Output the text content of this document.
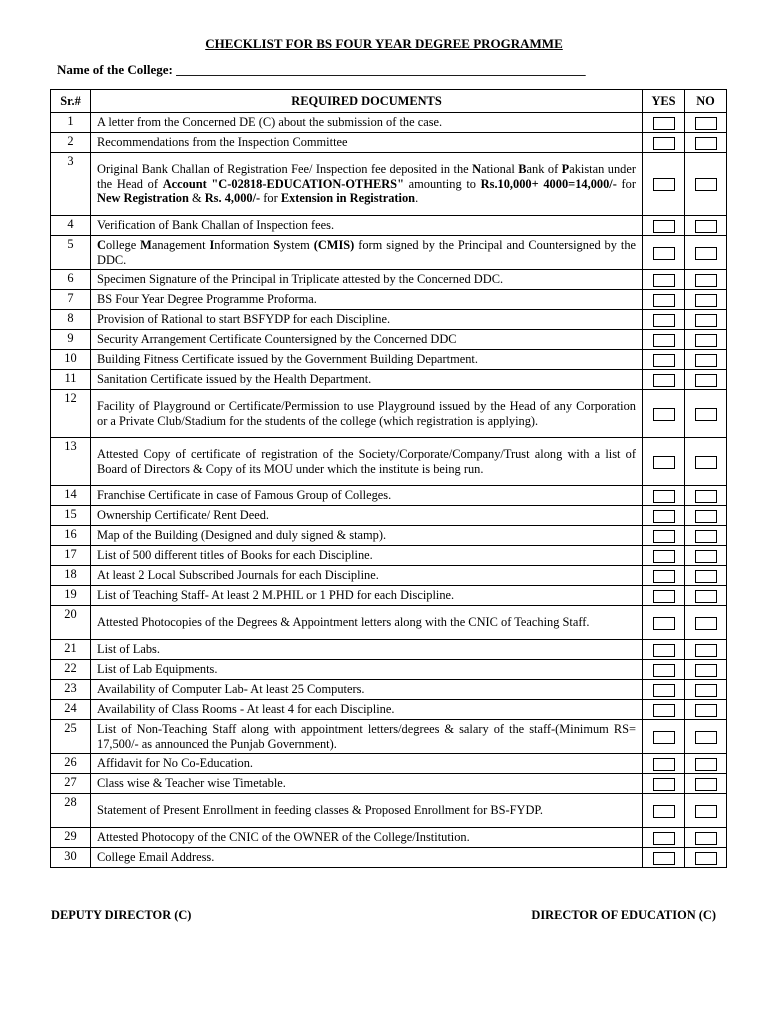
CHECKLIST FOR BS FOUR YEAR DEGREE PROGRAMME
Name of the College: _______________________________________________________________
Sr.#	REQUIRED DOCUMENTS	YES	NO
1	A letter from the Concerned DE (C) about the submission of the case.		
2	Recommendations from the Inspection Committee		
3	Original Bank Challan of Registration Fee/ Inspection fee deposited in the National Bank of Pakistan under the Head of Account "C-02818-EDUCATION-OTHERS" amounting to Rs.10,000+ 4000=14,000/- for New Registration & Rs. 4,000/- for Extension in Registration.		
4	Verification of Bank Challan of Inspection fees.		
5	College Management Information System (CMIS) form signed by the Principal and Countersigned by the DDC.		
6	Specimen Signature of the Principal in Triplicate attested by the Concerned DDC.		
7	BS Four Year Degree Programme Proforma.		
8	Provision of Rational to start BSFYDP for each Discipline.		
9	Security Arrangement Certificate Countersigned by the Concerned DDC		
10	Building Fitness Certificate issued by the Government Building Department.		
11	Sanitation Certificate issued by the Health Department.		
12	Facility of Playground or Certificate/Permission to use Playground issued by the Head of any Corporation or a Private Club/Stadium for the students of the college (which registration is applying).		
13	Attested Copy of certificate of registration of the Society/Corporate/Company/Trust along with a list of Board of Directors & Copy of its MOU under which the institute is being run.		
14	Franchise Certificate in case of Famous Group of Colleges.		
15	Ownership Certificate/ Rent Deed.		
16	Map of the Building (Designed and duly signed & stamp).		
17	List of 500 different titles of Books for each Discipline.		
18	At least 2 Local Subscribed Journals for each Discipline.		
19	List of Teaching Staff- At least 2 M.PHIL or 1 PHD for each Discipline.		
20	Attested Photocopies of the Degrees & Appointment letters along with the CNIC of Teaching Staff.		
21	List of Labs.		
22	List of Lab Equipments.		
23	Availability of Computer Lab- At least 25 Computers.		
24	Availability of Class Rooms - At least 4 for each Discipline.		
25	List of Non-Teaching Staff along with appointment letters/degrees & salary of the staff-(Minimum RS= 17,500/- as announced the Punjab Government).		
26	Affidavit for No Co-Education.		
27	Class wise & Teacher wise Timetable.		
28	Statement of Present Enrollment in feeding classes & Proposed Enrollment for BS-FYDP.		
29	Attested Photocopy of the CNIC of the OWNER of the College/Institution.		
30	College Email Address.		
DEPUTY DIRECTOR (C)	DIRECTOR OF EDUCATION (C)
